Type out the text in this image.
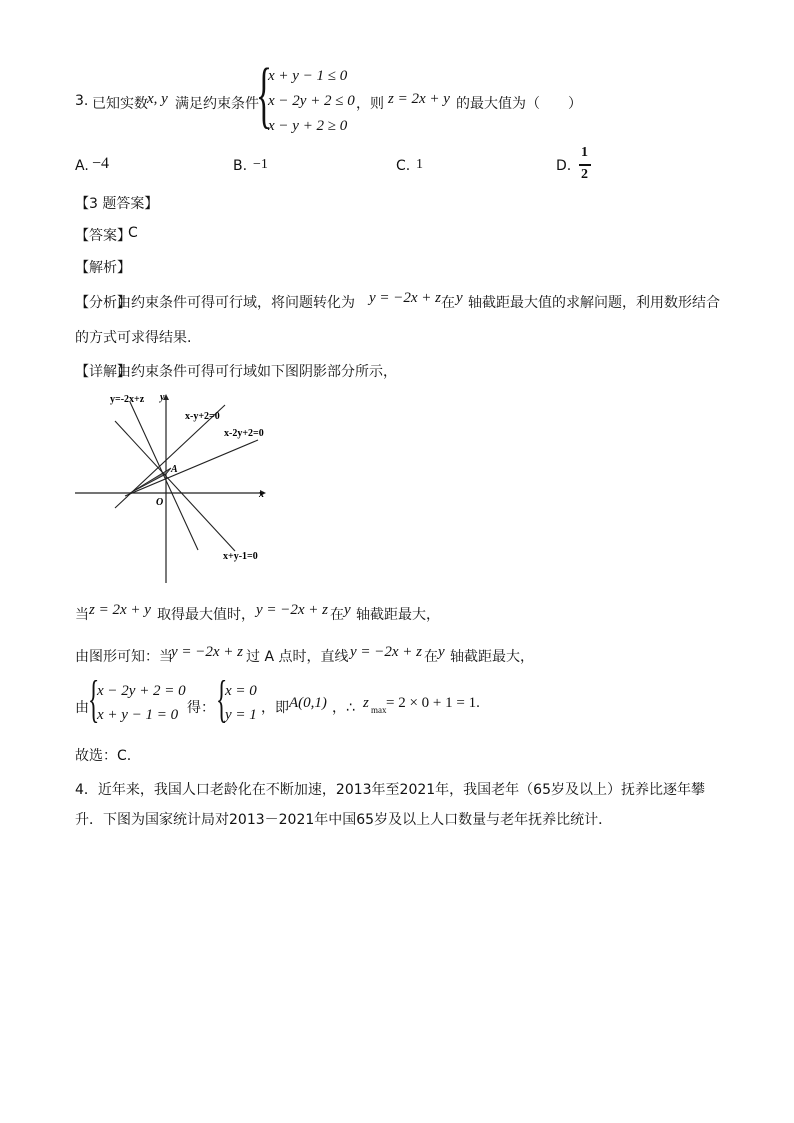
3. 已知实数 x, y 满足约束条件
{
x + y − 1 ≤ 0
x − 2y + 2 ≤ 0
x − y + 2 ≥ 0
，则 z = 2x + y 的最大值为（　　）
A. −4	B. −1	C. 1	D.
1
2
【3 题答案】
【答案】
C
【解析】
【分析】
由约束条件可得可行域，将问题转化为 y = −2x + z 在 y 轴截距最大值的求解问题，利用数形结合
的方式可求得结果.
【详解】
由约束条件可得可行域如下图阴影部分所示，
y=-2x+z y
x-y+2=0
x-2y+2=0
A
O
x
x+y-1=0
当 z = 2x + y 取得最大值时， y = −2x + z 在 y 轴截距最大，
由图形可知：当
y = −2x + z 过 A 点时，直线 y = −2x + z 在 y 轴截距最大，
由 {
x − 2y + 2 = 0
x + y − 1 = 0 得： {
x = 0
y = 1 ，即 A(0,1) ，∴ z max = 2 × 0 + 1 = 1.
故选：C.
4．近年来，我国人口老龄化在不断加速，2013年至2021年，我国老年（65岁及以上）抚养比逐年攀
升．下图为国家统计局对2013－2021年中国65岁及以上人口数量与老年抚养比统计．
